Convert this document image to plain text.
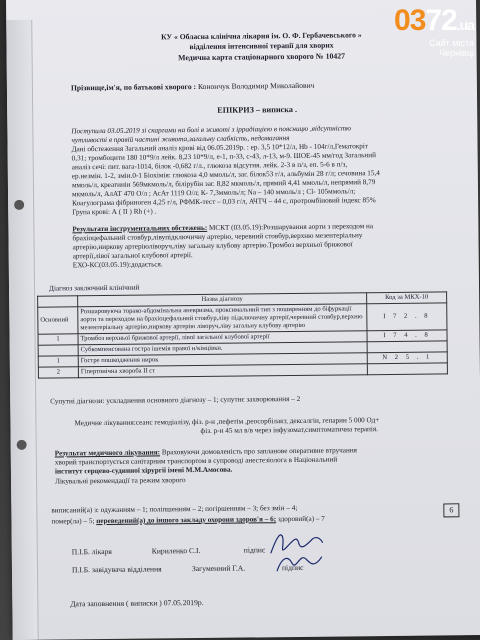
КУ « Обласна клінічна лікарня ім. О. Ф. Гербачевського »
відділення інтенсивної терапії для хворих
Медична карта стаціонарного хворого № 10427
Прізвище,ім'я, по батькові хворого : Конончук Володимир Миколайович
ЕПІКРИЗ – виписка .
Поступила 03.05.2019 зі скаргами на болі в животі з іррадіацією в поясницю ,відсутністю
чутливості в правій частині живота,загальну слабкість, недомагання
Дані обстеження Загальний аналіз крові від 06.05.2019р. : ер. 3,5 10*12/л, Hb - 104г/л,Гематокріт
0,31; тромбоцити 180 10*9/л лейк. 8,23 10*9/л, е-1, п-33, с-43, л-13, м-9. ШОЕ-45 мм/год Загальний
аналіз сечі: пит. вага-1014, білок -0,682 г/л., глюкоза відсутня. лейк. 2-3 в п/з, еп. 5-6 в п/з,
ер.незмін. 1-2, змін.0-1 Біохімія: глюкоза 4,0 ммоль/л, заг. білок53 г/л, альбумін 28 г/л; сечовина 15,4
ммоль/л, креатинін 569мкмоль/л, білірубін заг. 8,82 мкмоль/л, прямий 4,41 ммоль/л, непрямий 8,79
мкмоль/л, АлАТ 470 О/л ; АсАт 1119 О/л; К- 7,3ммоль/л; Na – 140 ммоль/л ; Cl- 105ммоль/л;
Коагулограма фібриноген 4,25 г/л, РФМК-тест – 0,03 г/л, АЧТЧ – 44 с, протромбіновий індекс 85%
Група крові: А ( II ) Rh (+) .
Результати інструментальних обстежень: МСКТ (03.05.19):Розшарування аорти з переходом на
брахіоцефальний стовбур,лівупідключичну артерію, черевний стовбур,верхню мезентеріальну
артерію,ниркову артеріюліворуч,ліву загальну клубову артерію.Тромбоз верхньої брижової
артерії,лівої загальної клубової артерії.
ЕХО-КС(03.05.19):додається.
Діагноз заключний клінічний
	Назва діагнозу	Код за МКХ-10
Основний	Розшаровуюча торако-абдомінальна аневризма, проксимальний тип з поширенням до біфуркації аорти та переходом на брахіоцефальний стовбур,ліву підключичну артерії,черевний стовбур,верхню мезентеріальну артерію,ниркову артерію ліворуч,ліву загальну клубову артерію	I 7 2 . 8
1	Тромбоз верхньої брижової артерії, лівої загальної клубової артерії	I 7 4 . 8
	Субкомпенсована гостра ішемія правої н/кінцівки.	
1	Гостре пошкодження нирок	N 2 5 . 1
2	Гіпертонічна хвороба ІІ ст	
Супутні діагнози: ускладнення основного діагнозу – 1; супутнє захворювання – 2
Медичне лікування:сеанс гемодіалізу, фіз. р-н ,пефетім ,реосорбілакт, дексалгін, гепарин 5 000 Од+
фіз. р-н 45 мл в/в через інфузомат,симптоматична терапія.
Результат медичного лікування: Враховуючи домовленість про запланове оперативне втручання
хворий транспортується санітарним транспортом в супроводі анестезіолога в Національний
інститут серцево-судинної хірургії імені М.М.Амосова.
Лікувальні рекомендації та режим хворого
виписаний(а) з: одужанням – 1; поліпшенням – 2; погіршенням – 3; без змін – 4;
помер(ла) – 5; переведений(а) до іншого закладу охорони здоров'я – 6; здоровий(а) – 7
6
П.І.Б. лікаря	Кириленко С.І.	підпис
П.І.Б. завідувача відділення	Загуменний Г.А.	підпис
Дата заповнення ( виписки ) 07.05.2019р.
0372.ua
Сайт міста
Чернівці
